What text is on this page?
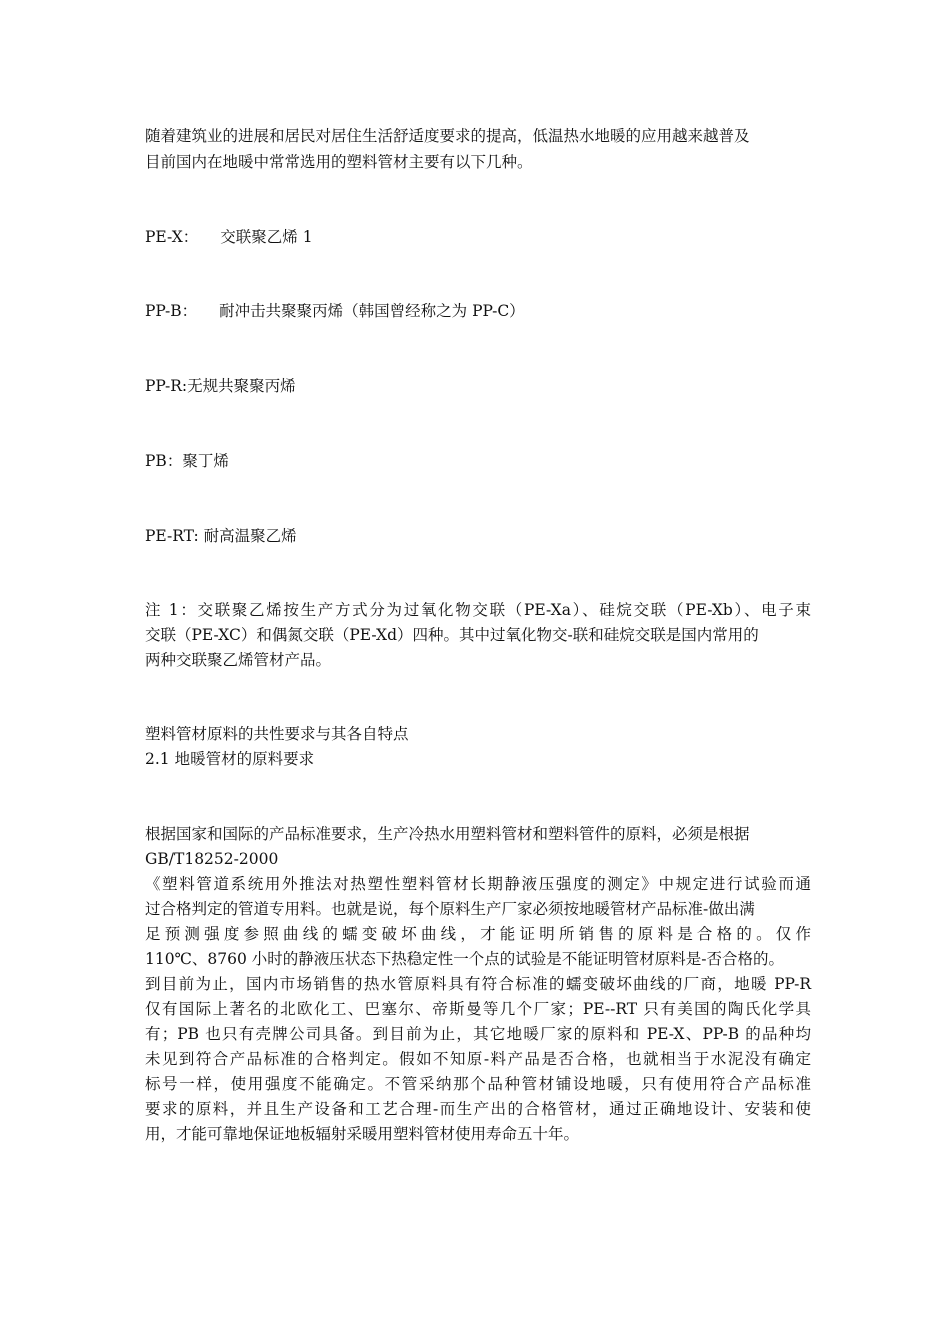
随着建筑业的进展和居民对居住生活舒适度要求的提高，低温热水地暖的应用越来越普及
目前国内在地暖中常常选用的塑料管材主要有以下几种。
PE-X： 交联聚乙烯 1
PP-B： 耐冲击共聚聚丙烯（韩国曾经称之为 PP-C）
PP-R:无规共聚聚丙烯
PB：聚丁烯
PE-RT: 耐高温聚乙烯
注 1：交联聚乙烯按生产方式分为过氧化物交联（PE-Xa）、硅烷交联（PE-Xb）、电子束
交联（PE-XC）和偶氮交联（PE-Xd）四种。其中过氧化物交-联和硅烷交联是国内常用的
两种交联聚乙烯管材产品。
塑料管材原料的共性要求与其各自特点
2.1 地暖管材的原料要求
根据国家和国际的产品标准要求，生产冷热水用塑料管材和塑料管件的原料，必须是根据
GB/T18252-2000
《塑料管道系统用外推法对热塑性塑料管材长期静液压强度的测定》中规定进行试验而通
过合格判定的管道专用料。也就是说，每个原料生产厂家必须按地暖管材产品标准-做出满
足预测强度参照曲线的蠕变破坏曲线，才能证明所销售的原料是合格的。仅作
110℃、8760 小时的静液压状态下热稳定性一个点的试验是不能证明管材原料是-否合格的。
到目前为止，国内市场销售的热水管原料具有符合标准的蠕变破坏曲线的厂商，地暖 PP-R
仅有国际上著名的北欧化工、巴塞尔、帝斯曼等几个厂家；PE--RT 只有美国的陶氏化学具
有；PB 也只有壳牌公司具备。到目前为止，其它地暖厂家的原料和 PE-X、PP-B 的品种均
未见到符合产品标准的合格判定。假如不知原-料产品是否合格，也就相当于水泥没有确定
标号一样，使用强度不能确定。不管采纳那个品种管材铺设地暖，只有使用符合产品标准
要求的原料，并且生产设备和工艺合理-而生产出的合格管材，通过正确地设计、安装和使
用，才能可靠地保证地板辐射采暖用塑料管材使用寿命五十年。
